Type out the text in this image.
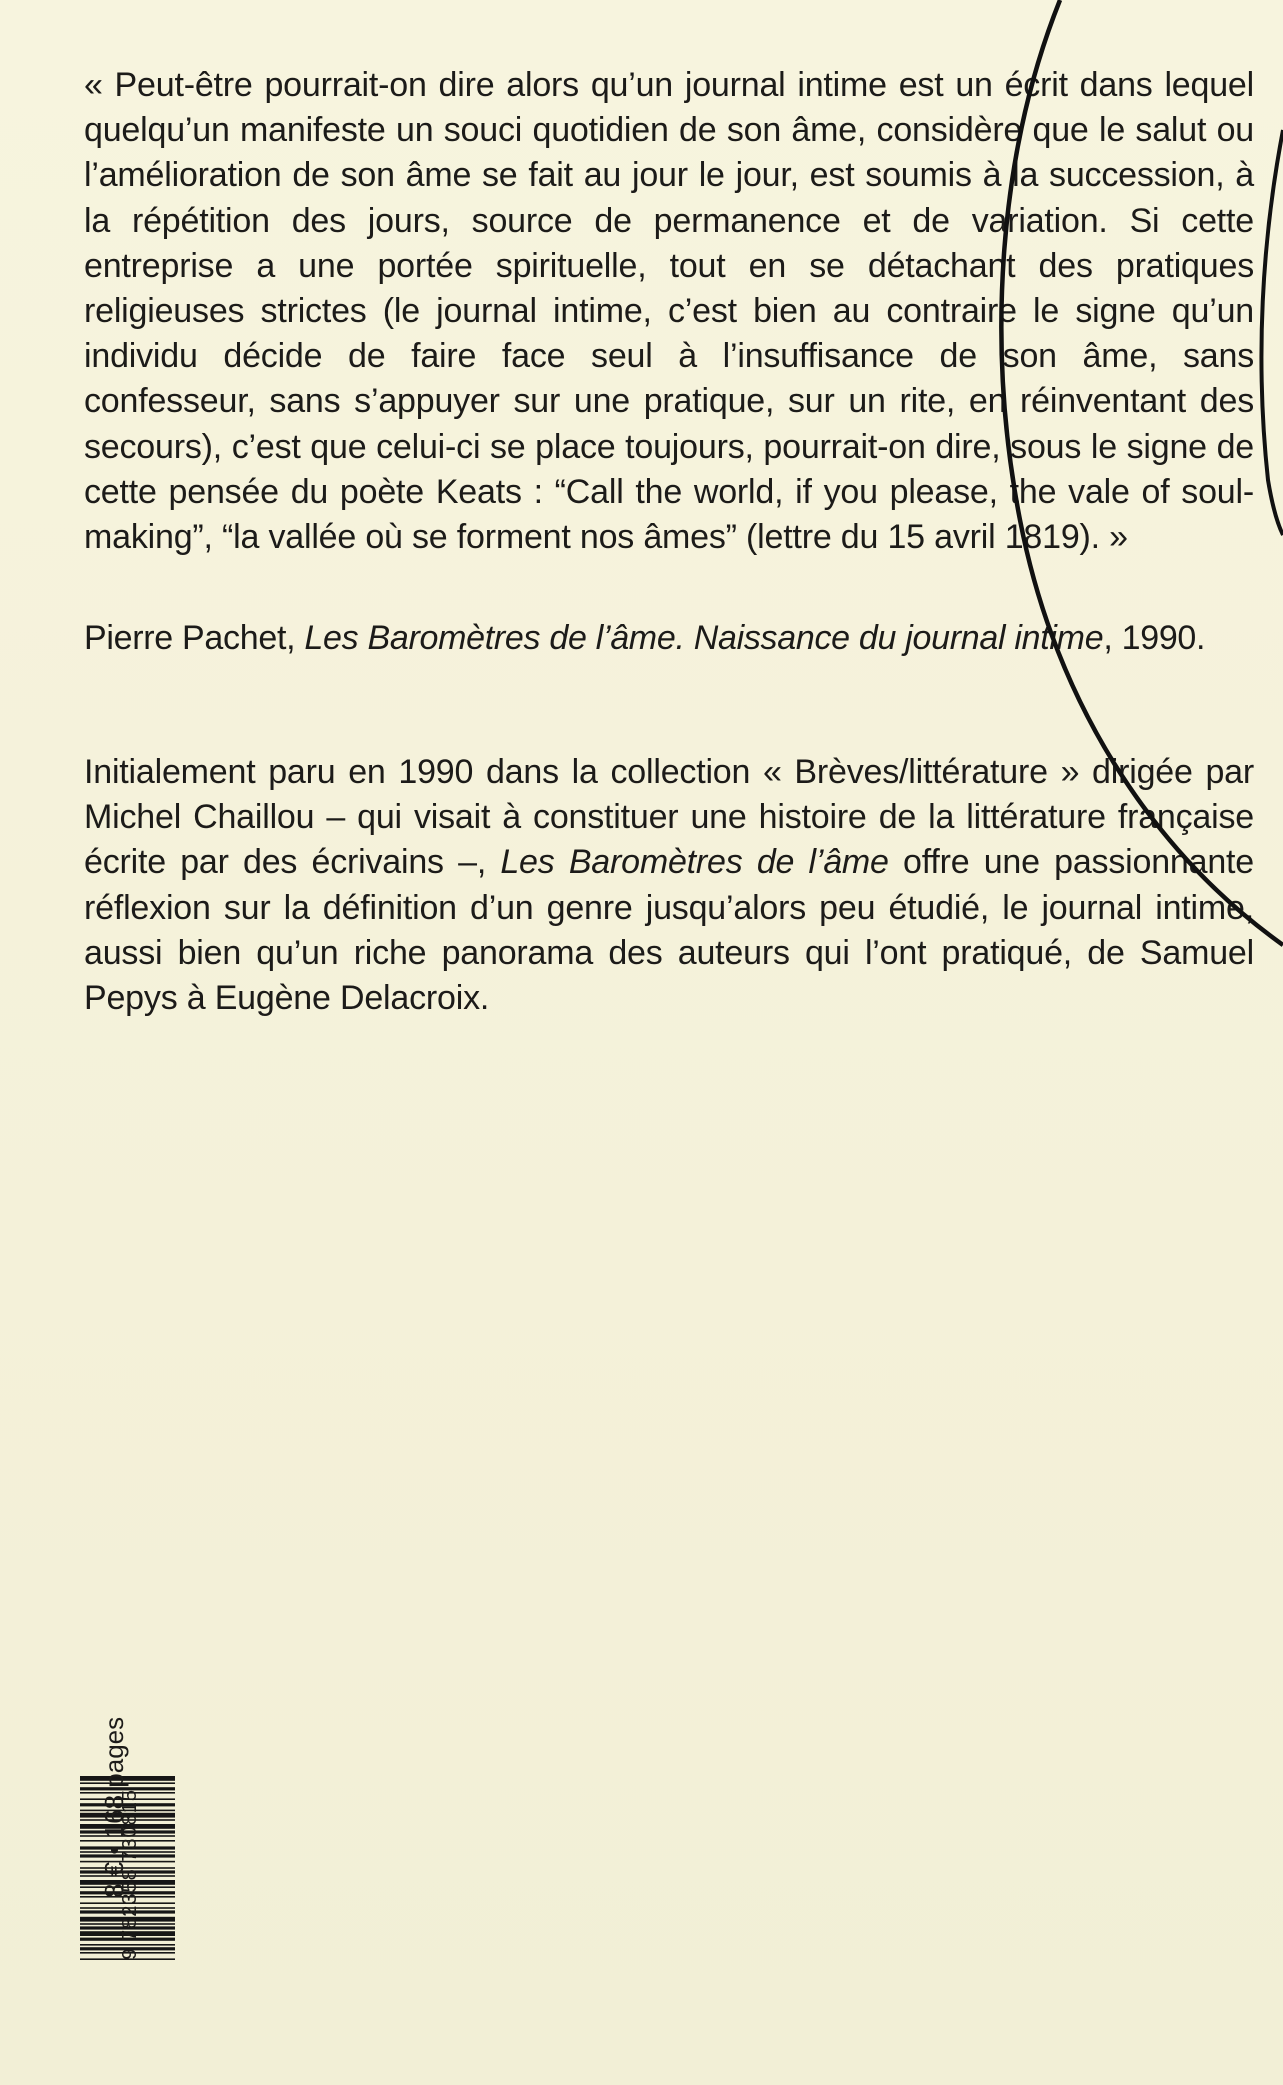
« Peut-être pourrait-on dire alors qu’un journal intime est un écrit dans lequel quelqu’un manifeste un souci quotidien de son âme, considère que le salut ou l’amélioration de son âme se fait au jour le jour, est soumis à la succession, à la répétition des jours, source de permanence et de variation. Si cette entreprise a une portée spirituelle, tout en se détachant des pratiques religieuses strictes (le journal intime, c’est bien au contraire le signe qu’un individu décide de faire face seul à l’insuffisance de son âme, sans confesseur, sans s’appuyer sur une pratique, sur un rite, en réinventant des secours), c’est que celui-ci se place toujours, pourrait-on dire, sous le signe de cette pensée du poète Keats : “Call the world, if you please, the vale of soul-making”, “la vallée où se forment nos âmes” (lettre du 15 avril 1819). »
Pierre Pachet, Les Baromètres de l’âme. Naissance du journal intime, 1990.
Initialement paru en 1990 dans la collection « Brèves/littérature » dirigée par Michel Chaillou – qui visait à constituer une histoire de la littérature française écrite par des écrivains –, Les Baromètres de l’âme offre une passionnante réflexion sur la définition d’un genre jusqu’alors peu étudié, le journal intime, aussi bien qu’un riche panorama des auteurs qui l’ont pratiqué, de Samuel Pepys à Eugène Delacroix.
9 782358 730815
8 € • 168 pages
